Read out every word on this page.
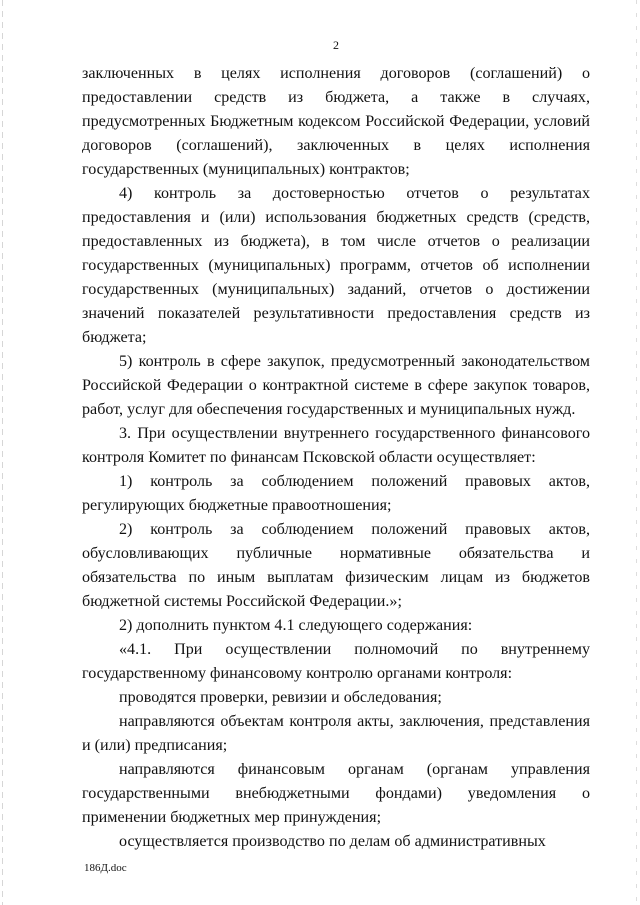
2

заключенных в целях исполнения договоров (соглашений) о предоставлении средств из бюджета, а также в случаях, предусмотренных Бюджетным кодексом Российской Федерации, условий договоров (соглашений), заключенных в целях исполнения государственных (муниципальных) контрактов;

4) контроль за достоверностью отчетов о результатах предоставления и (или) использования бюджетных средств (средств, предоставленных из бюджета), в том числе отчетов о реализации государственных (муниципальных) программ, отчетов об исполнении государственных (муниципальных) заданий, отчетов о достижении значений показателей результативности предоставления средств из бюджета;

5) контроль в сфере закупок, предусмотренный законодательством Российской Федерации о контрактной системе в сфере закупок товаров, работ, услуг для обеспечения государственных и муниципальных нужд.

3. При осуществлении внутреннего государственного финансового контроля Комитет по финансам Псковской области осуществляет:

1) контроль за соблюдением положений правовых актов, регулирующих бюджетные правоотношения;

2) контроль за соблюдением положений правовых актов, обусловливающих публичные нормативные обязательства и обязательства по иным выплатам физическим лицам из бюджетов бюджетной системы Российской Федерации.»;

2) дополнить пунктом 4.1 следующего содержания:

«4.1. При осуществлении полномочий по внутреннему государственному финансовому контролю органами контроля:

проводятся проверки, ревизии и обследования;

направляются объектам контроля акты, заключения, представления и (или) предписания;

направляются финансовым органам (органам управления государственными внебюджетными фондами) уведомления о применении бюджетных мер принуждения;

осуществляется производство по делам об административных

186Д.doc
